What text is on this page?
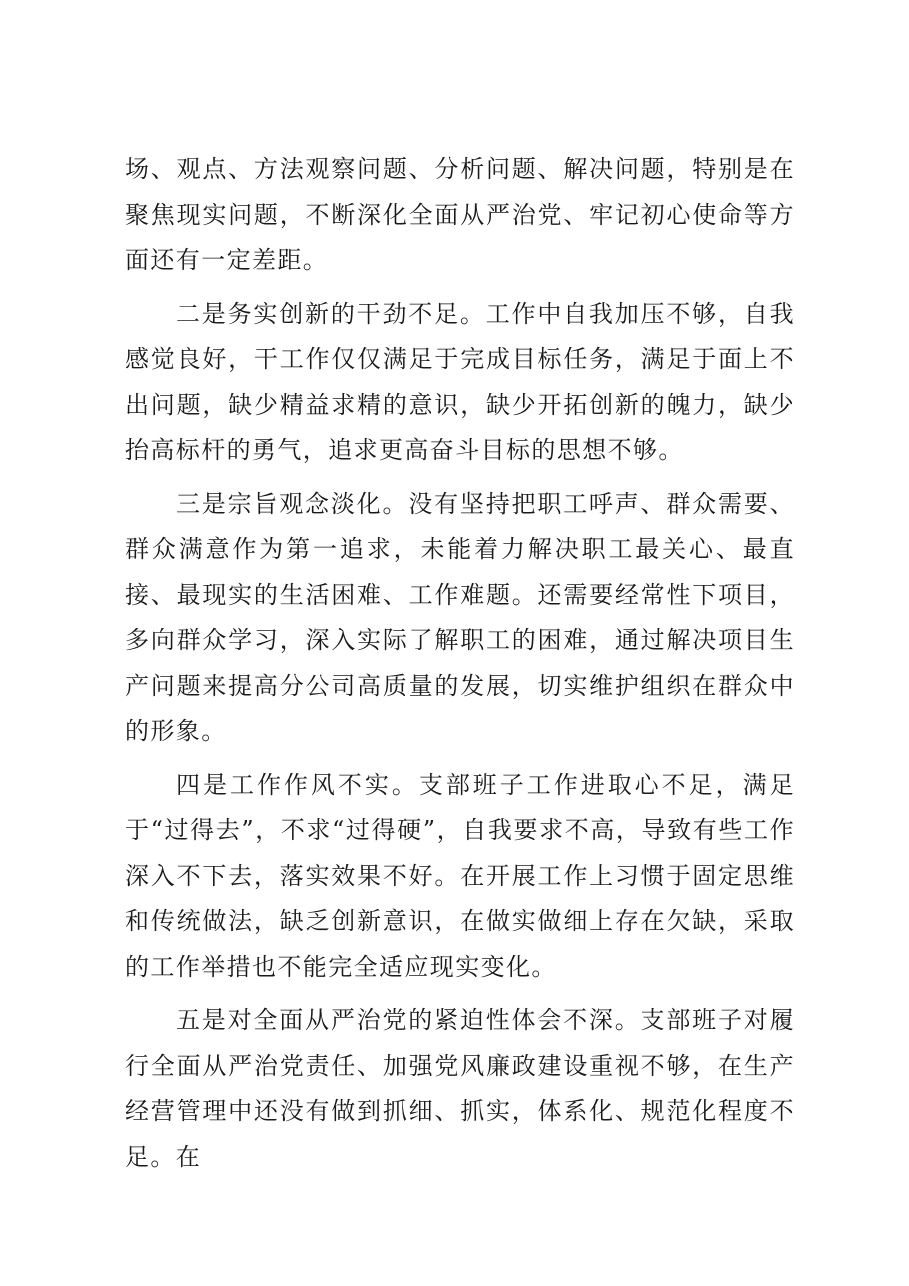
场、观点、方法观察问题、分析问题、解决问题，特别是在聚焦现实问题，不断深化全面从严治党、牢记初心使命等方面还有一定差距。

二是务实创新的干劲不足。工作中自我加压不够，自我感觉良好，干工作仅仅满足于完成目标任务，满足于面上不出问题，缺少精益求精的意识，缺少开拓创新的魄力，缺少抬高标杆的勇气，追求更高奋斗目标的思想不够。

三是宗旨观念淡化。没有坚持把职工呼声、群众需要、群众满意作为第一追求，未能着力解决职工最关心、最直接、最现实的生活困难、工作难题。还需要经常性下项目，多向群众学习，深入实际了解职工的困难，通过解决项目生产问题来提高分公司高质量的发展，切实维护组织在群众中的形象。

四是工作作风不实。支部班子工作进取心不足，满足于“过得去”，不求“过得硬”，自我要求不高，导致有些工作深入不下去，落实效果不好。在开展工作上习惯于固定思维和传统做法，缺乏创新意识，在做实做细上存在欠缺，采取的工作举措也不能完全适应现实变化。

五是对全面从严治党的紧迫性体会不深。支部班子对履行全面从严治党责任、加强党风廉政建设重视不够，在生产经营管理中还没有做到抓细、抓实，体系化、规范化程度不足。在
